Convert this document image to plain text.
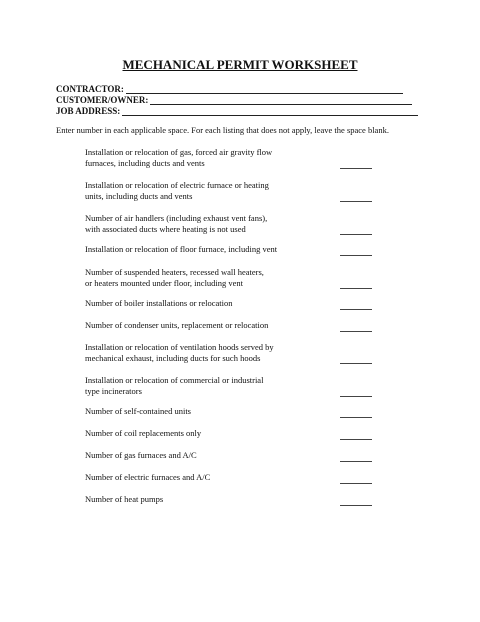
MECHANICAL PERMIT WORKSHEET
CONTRACTOR:
CUSTOMER/OWNER:
JOB ADDRESS:
Enter number in each applicable space. For each listing that does not apply, leave the space blank.
Installation or relocation of gas, forced air gravity flow
furnaces, including ducts and vents
Installation or relocation of electric furnace or heating
units, including ducts and vents
Number of air handlers (including exhaust vent fans),
with associated ducts where heating is not used
Installation or relocation of floor furnace, including vent
Number of suspended heaters, recessed wall heaters,
or heaters mounted under floor, including vent
Number of boiler installations or relocation
Number of condenser units, replacement or relocation
Installation or relocation of ventilation hoods served by
mechanical exhaust, including ducts for such hoods
Installation or relocation of commercial or industrial
type incinerators
Number of self-contained units
Number of coil replacements only
Number of gas furnaces and A/C
Number of electric furnaces and A/C
Number of heat pumps
